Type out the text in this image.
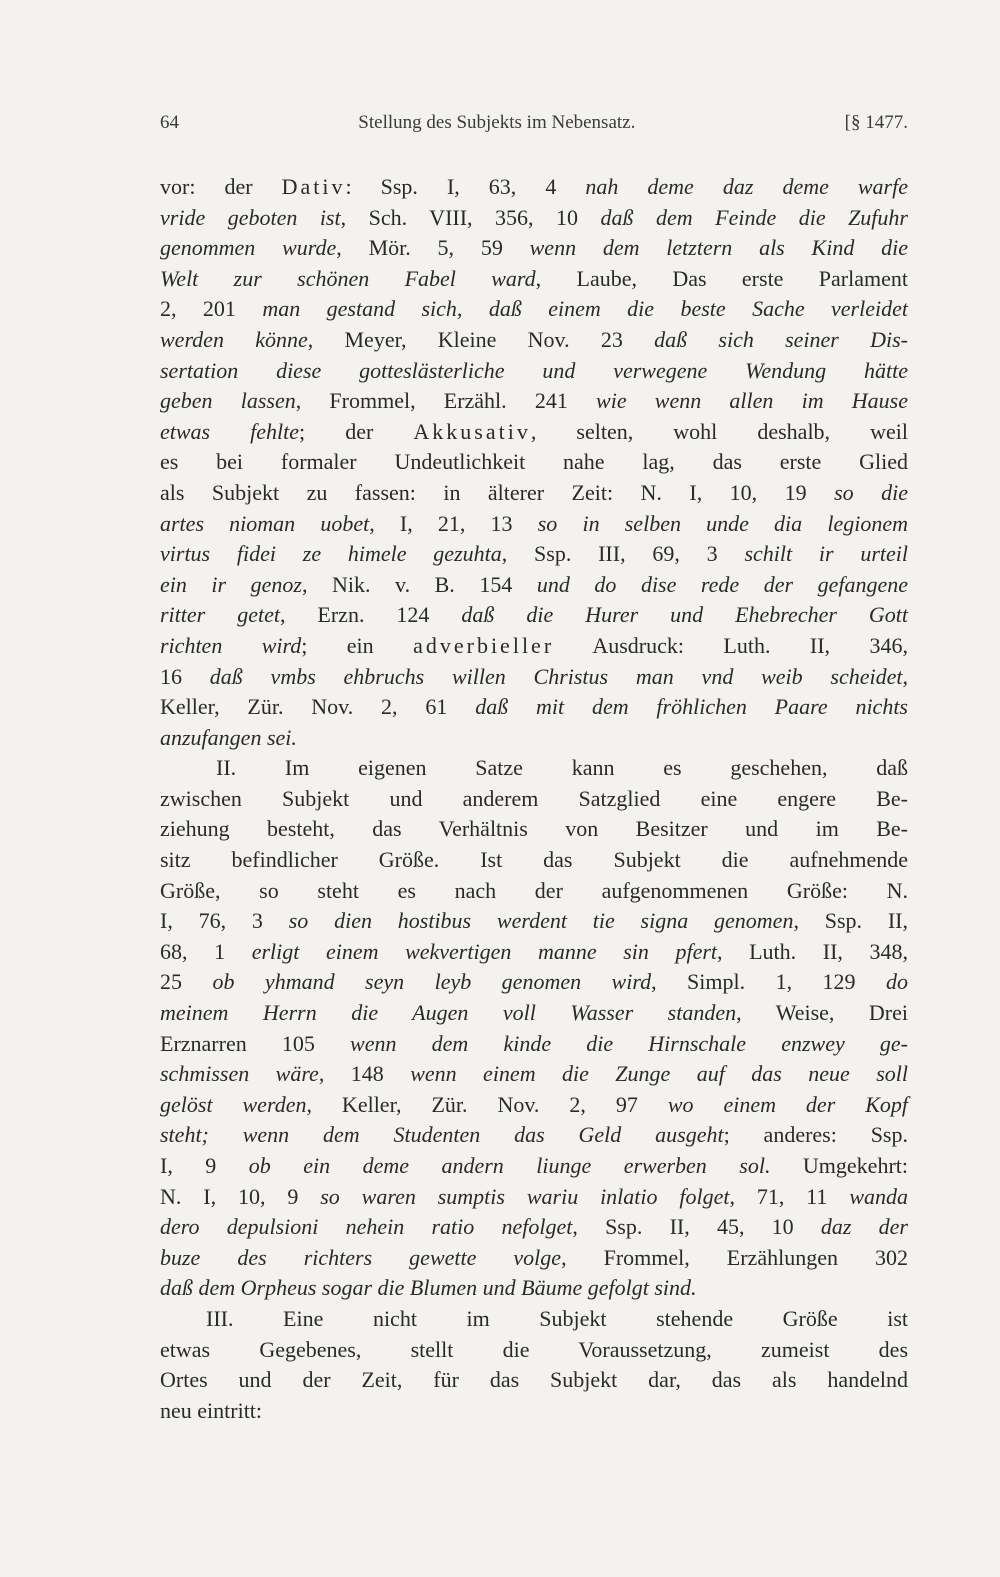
64	Stellung des Subjekts im Nebensatz.	[§ 1477.
vor: der Dativ: Ssp. I, 63, 4 nah deme daz deme warfe
vride geboten ist, Sch. VIII, 356, 10 daß dem Feinde die Zufuhr
genommen wurde, Mör. 5, 59 wenn dem letztern als Kind die
Welt zur schönen Fabel ward, Laube, Das erste Parlament
2, 201 man gestand sich, daß einem die beste Sache verleidet
werden könne, Meyer, Kleine Nov. 23 daß sich seiner Dis-
sertation diese gotteslästerliche und verwegene Wendung hätte
geben lassen, Frommel, Erzähl. 241 wie wenn allen im Hause
etwas fehlte; der Akkusativ, selten, wohl deshalb, weil
es bei formaler Undeutlichkeit nahe lag, das erste Glied
als Subjekt zu fassen: in älterer Zeit: N. I, 10, 19 so die
artes nioman uobet, I, 21, 13 so in selben unde dia legionem
virtus fidei ze himele gezuhta, Ssp. III, 69, 3 schilt ir urteil
ein ir genoz, Nik. v. B. 154 und do dise rede der gefangene
ritter getet, Erzn. 124 daß die Hurer und Ehebrecher Gott
richten wird; ein adverbieller Ausdruck: Luth. II, 346,
16 daß vmbs ehbruchs willen Christus man vnd weib scheidet,
Keller, Zür. Nov. 2, 61 daß mit dem fröhlichen Paare nichts
anzufangen sei.
II. Im eigenen Satze kann es geschehen, daß
zwischen Subjekt und anderem Satzglied eine engere Be-
ziehung besteht, das Verhältnis von Besitzer und im Be-
sitz befindlicher Größe. Ist das Subjekt die aufnehmende
Größe, so steht es nach der aufgenommenen Größe: N.
I, 76, 3 so dien hostibus werdent tie signa genomen, Ssp. II,
68, 1 erligt einem wekvertigen manne sin pfert, Luth. II, 348,
25 ob yhmand seyn leyb genomen wird, Simpl. 1, 129 do
meinem Herrn die Augen voll Wasser standen, Weise, Drei
Erznarren 105 wenn dem kinde die Hirnschale enzwey ge-
schmissen wäre, 148 wenn einem die Zunge auf das neue soll
gelöst werden, Keller, Zür. Nov. 2, 97 wo einem der Kopf
steht; wenn dem Studenten das Geld ausgeht; anderes: Ssp.
I, 9 ob ein deme andern liunge erwerben sol. Umgekehrt:
N. I, 10, 9 so waren sumptis wariu inlatio folget, 71, 11 wanda
dero depulsioni nehein ratio nefolget, Ssp. II, 45, 10 daz der
buze des richters gewette volge, Frommel, Erzählungen 302
daß dem Orpheus sogar die Blumen und Bäume gefolgt sind.
III. Eine nicht im Subjekt stehende Größe ist
etwas Gegebenes, stellt die Voraussetzung, zumeist des
Ortes und der Zeit, für das Subjekt dar, das als handelnd
neu eintritt:
